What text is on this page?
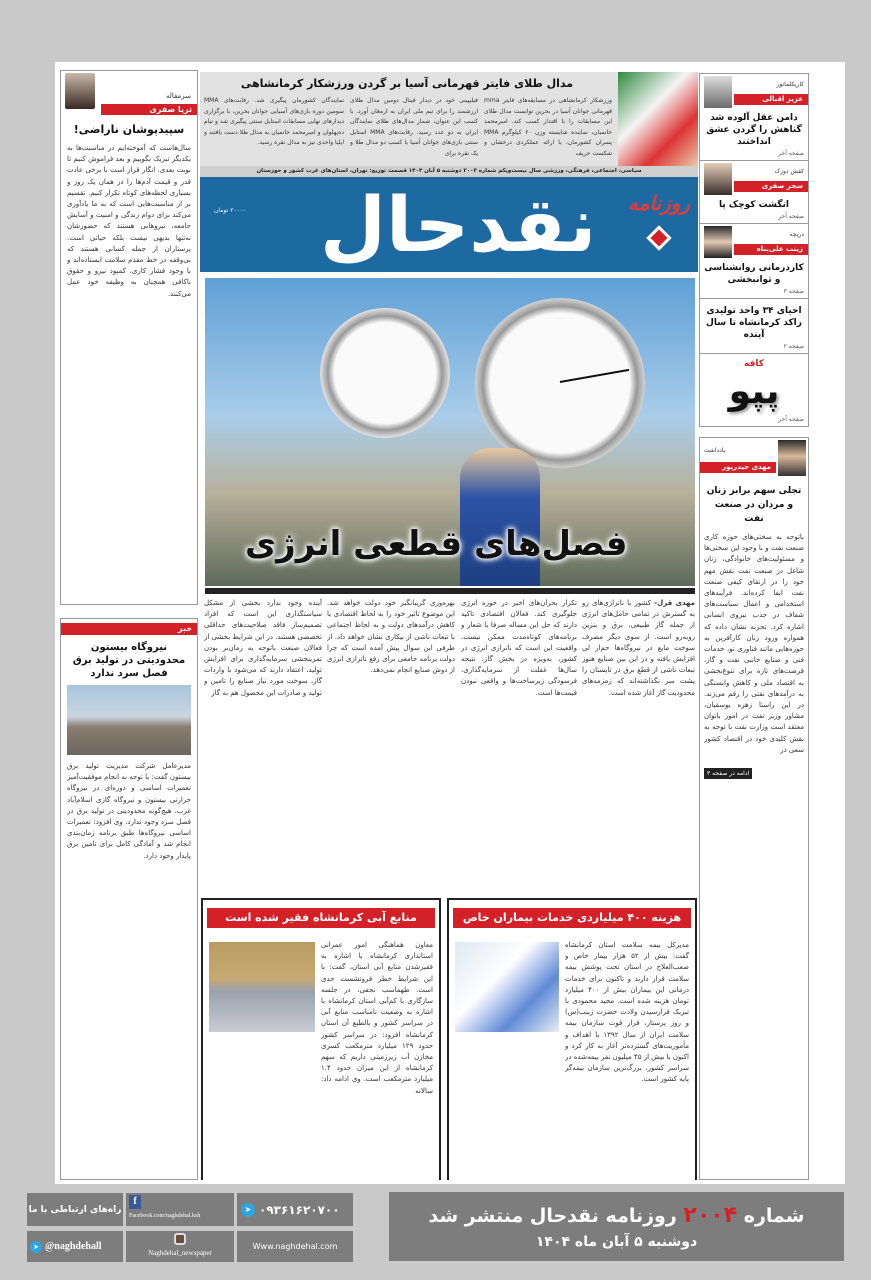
سرمقاله
ثریا صفری
سپیدپوشان ناراضی!
سال‌هاست که آموخته‌ایم در مناسبت‌ها به یکدیگر تبریک بگوییم و بعد فراموش کنیم تا نوبت بعدی. انگار قرار است با برخی عادت قدر و قیمت آدم‌ها را در همان یک روز و بسیاری لحظه‌های کوتاه تکرار کنیم. تقسیم بر از مناسبت‌هایی است که به ما یادآوری می‌کند برای دوام زندگی و امنیت و آسایش جامعه، نیروهایی هستند که حضورشان نه‌تنها بدیهی نیست بلکه حیاتی است. پرستاران از جمله کسانی هستند که بی‌وقفه در خط مقدم سلامت ایستاده‌اند و با وجود فشار کاری، کمبود نیرو و حقوق ناکافی همچنان به وظیفه خود عمل می‌کنند.
خبر
نیروگاه بیستون محدودیتی در تولید برق فصل سرد ندارد
مدیرعامل شرکت مدیریت تولید برق بیستون گفت: با توجه به انجام موفقیت‌آمیز تعمیرات اساسی و دوره‌ای در نیروگاه حرارتی بیستون و نیروگاه گازی اسلام‌آباد غرب، هیچ‌گونه محدودیتی در تولید برق در فصل سرد وجود ندارد. وی افزود: تعمیرات اساسی نیروگاه‌ها طبق برنامه زمان‌بندی انجام شد و آمادگی کامل برای تامین برق پایدار وجود دارد.
مدال طلای فایتر قهرمانی آسیا بر گردن ورزشکار کرمانشاهی
ورزشکار کرمانشاهی در مسابقه‌های فایتر mma قهرمانی جوانان آسیا در بحرین توانست مدال طلای این مسابقات را با اقتدار کسب کند. امیرمحمد خانمیان، نماینده شایسته وزن ۶۰ کیلوگرم MMA پسران کشورمان، با ارائه عملکردی درخشان و شکست حریف
فیلیپینی خود در دیدار فینال دومین مدال طلای ارزشمند را برای تیم ملی ایران به ارمغان آورد. با کسب این عنوان، شمار مدال‌های طلای نمایندگان ایران به دو عدد رسید. رقابت‌های MMA استایل سنتی بازی‌های جوانان آسیا با کسب دو مدال طلا و یک نقره برای
نمایندگان کشورمان پیگیری شد. رقابت‌های MMA سومین دوره بازی‌های آسیایی جوانان بحرین، با برگزاری دیدارهای نهایی مسابقات استایل سنتی پیگیری شد و تیام ده‌پهلوان و امیرمحمد خانمیان به مدال طلا دست یافتند و ایلیا واحدی نیز به مدال نقره رسید.
سیاسی، اجتماعی، فرهنگی، ورزشی سال بیست‌ویکم شماره ۲۰۰۴ دوشنبه ۵ آبان ۱۴۰۴ قسمت توزیع: تهران، استان‌های غرب کشور و خوزستان
۲۰۰۰۰ تومان نقدحال روزنامه
فصل‌های قطعی انرژی
مهدی قزل- کشور با ناترازی‌های رو به گسترش در تمامی حامل‌های انرژی از جمله گاز طبیعی، برق و بنزین روبه‌رو است. از سوی دیگر مصرف سوخت مایع در نیروگاه‌ها حم‌ار لی افزایش یافته و در این بین صنایع هنوز تبعات ناشی از قطع برق در تابستان را پشت سر نگذاشته‌اند که زمزمه‌های محدودیت گاز آغاز شده است.
تکرار بحران‌های اخیر در حوزه انرژی جلوگیری کند. فعالان اقتصادی تاکید دارند که حل این مساله صرفا با شعار و برنامه‌های کوتاه‌مدت ممکن نیست. واقعیت این است که ناترازی انرژی در کشور، به‌ویژه در بخش گاز، نتیجه سال‌ها غفلت از سرمایه‌گذاری، فرسودگی زیرساخت‌ها و واقعی نبودن قیمت‌ها است.
بهره‌وری گریبانگیر خود دولت خواهد شد. این موضوع تاثیر خود را به لحاظ اقتصادی با کاهش درآمدهای دولت و به لحاظ اجتماعی با تبعات ناشی از بیکاری نشان خواهد داد. از طرفی این سوال پیش آمده است که چرا دولت برنامه جامعی برای رفع ناترازی انرژی از دوش صنایع انجام نمی‌دهد.
آینده وجود ندارد بخشی از مشکل سیاستگذاری این است که افراد تصمیم‌ساز فاقد صلاحیت‌های حداقلی تخصصی هستند. در این شرایط بخشی از فعالان صنعت باتوجه به زمان‌بر بودن تمرینخشی سرمایه‌گذاری برای افزایش تولید، اعتقاد دارند که می‌شود با واردات گاز، سوخت مورد نیاز صنایع را تامین و تولید و صادرات این محصول هم به گاز
هزینه ۴۰۰ میلیاردی خدمات بیماران خاص
مدیرکل بیمه سلامت استان کرمانشاه گفت: بیش از ۵۲ هزار بیمار خاص و صعب‌العلاج در استان تحت پوشش بیمه سلامت قرار دارند و تاکنون برای خدمات درمانی این بیماران بیش از ۴۰۰ میلیارد تومان هزینه شده است. مجید محمودی با تبریک فرارسیدن ولادت حضرت زینب(س) و روز پرستار، قرار قوت سازمان بیمه سلامت ایران از سال ۱۳۹۲ با اهداف و مأموریت‌های گسترده‌تر آغاز به کار کرد و اکنون با بیش از ۴۵ میلیون نفر بیمه‌شده در سراسر کشور، بزرگ‌ترین سازمان بیمه‌گر پایه کشور است.
منابع آبی کرمانشاه فقیر شده است
معاون هماهنگی امور عمرانی استانداری کرمانشاه با اشاره به فقیرشدن منابع آبی استان، گفت: با این شرایط خطر فرونشست جدی است. طهماسب نجفی، در جلسه سازگاری با کم‌آبی استان کرمانشاه با اشاره به وضعیت نامناسب منابع آبی در سراسر کشور و بالطبع آن استان کرمانشاه افزود: در سراسر کشور حدود ۱۲۹ میلیارد مترمکعب کسری مخازن آب زیرزمینی داریم که سهم کرمانشاه از این میزان حدود ۱.۴ میلیارد مترمکعب است. وی ادامه داد: سالانه
کاریکلماتور
عزیز اقبالی
دامن عقل آلوده شد گناهش را گردن عشق انداختند
صفحه آخر
کفش دوزک
سحر صفری
انگشت کوچک پا
صفحه آخر
دریچه
زینب علی‌پناه
کاردرمانی روانشناسی و توانبخشی
صفحه ۳
احیای ۳۴ واحد تولیدی راکد کرمانشاه تا سال آینده
صفحه ۲
کافه
پپو
صفحه آخر
یادداشت
مهدی حیدرپور
تجلی سهم برابر زنان و مردان در صنعت نفت
باتوجه به سختی‌های حوزه کاری صنعت نفت و با وجود این سختی‌ها و مسئولیت‌های خانوادگی، زنان شاغل در صنعت نفت نقش مهم خود را در ارتقای کیفی صنعت نفت ایفا کرده‌اند. فرآیندهای استخدامی و اعمال سیاست‌های شفاف در جذب نیروی انسانی اشاره کرد. تجربه نشان داده که همواره ورود زنان کارآفرین به حوزه‌هایی مانند فناوری نو، خدمات فنی و صنایع جانبی نفت و گاز، فرصت‌های تازه برای تنوع‌بخشی به اقتصاد ملی و کاهش وابستگی به درآمدهای نفتی را رقم می‌زند. در این راستا زهره یوسفیان، مشاور وزیر نفت در امور بانوان معتقد است وزارت نفت با توجه به نقش کلیدی خود در اقتصاد کشور سعی در
ادامه در صفحه ۳
شماره ۲۰۰۴ روزنامه نقدحال منتشر شد
دوشنبه ۵ آبان ماه ۱۴۰۴
راه‌های ارتباطی با ما
f
Facebook.com/naghdehal.ksh
➤ ۰۹۳۶۱۶۲۰۷۰۰
➤ @naghdehall
Naghdehal_newspaper
Www.naghdehal.com
